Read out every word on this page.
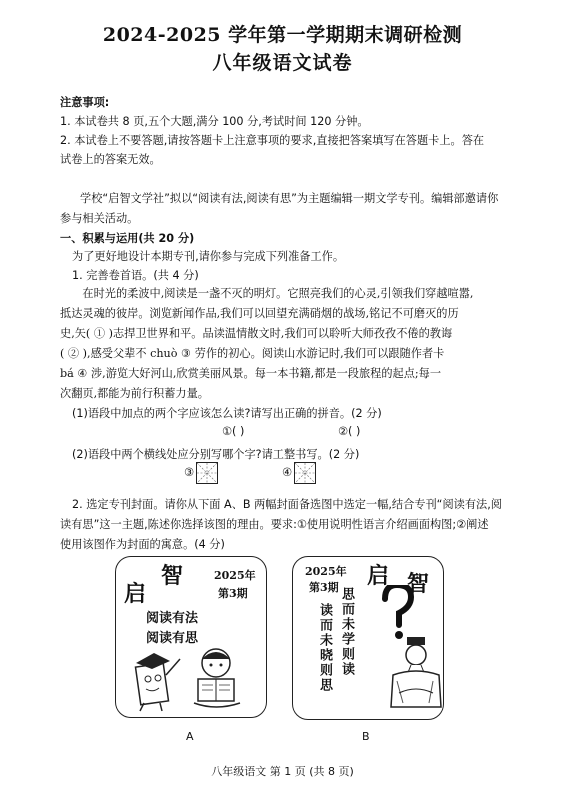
2024-2025 学年第一学期期末调研检测
八年级语文试卷
注意事项:
1. 本试卷共 8 页,五个大题,满分 100 分,考试时间 120 分钟。
2. 本试卷上不要答题,请按答题卡上注意事项的要求,直接把答案填写在答题卡上。答在
试卷上的答案无效。
学校“启智文学社”拟以“阅读有法,阅读有思”为主题编辑一期文学专刊。编辑部邀请你
参与相关活动。
一、积累与运用(共 20 分)
为了更好地设计本期专刊,请你参与完成下列准备工作。
1. 完善卷首语。(共 4 分)
在时光的柔波中,阅读是一盏不灭的明灯。它照亮我们的心灵,引领我们穿越喧嚣,
抵达灵魂的彼岸。浏览新闻作品,我们可以回望充满硝烟的战场,铭记不可磨灭的历
史,矢( ① )志捍卫世界和平。品读温情散文时,我们可以聆听大师孜孜不倦的教诲
( ② ),感受父辈不 chuò ③ 劳作的初心。阅读山水游记时,我们可以跟随作者卡
bá ④ 涉,游览大好河山,欣赏美丽风景。每一本书籍,都是一段旅程的起点;每一
次翻页,都能为前行积蓄力量。
(1)语段中加点的两个字应该怎么读?请写出正确的拼音。(2 分)
①( )	②( )
(2)语段中两个横线处应分别写哪个字?请工整书写。(2 分)
③	④
2. 选定专刊封面。请你从下面 A、B 两幅封面备选图中选定一幅,结合专刊“阅读有法,阅
读有思”这一主题,陈述你选择该图的理由。要求:①使用说明性语言介绍画面构图;②阐述
使用该图作为封面的寓意。(4 分)
启
智	2025年
第3期
阅读有法
阅读有思
A
2025年
第3期 启 智
读而未晓则思 思而未学则读
B
八年级语文 第 1 页 (共 8 页)
